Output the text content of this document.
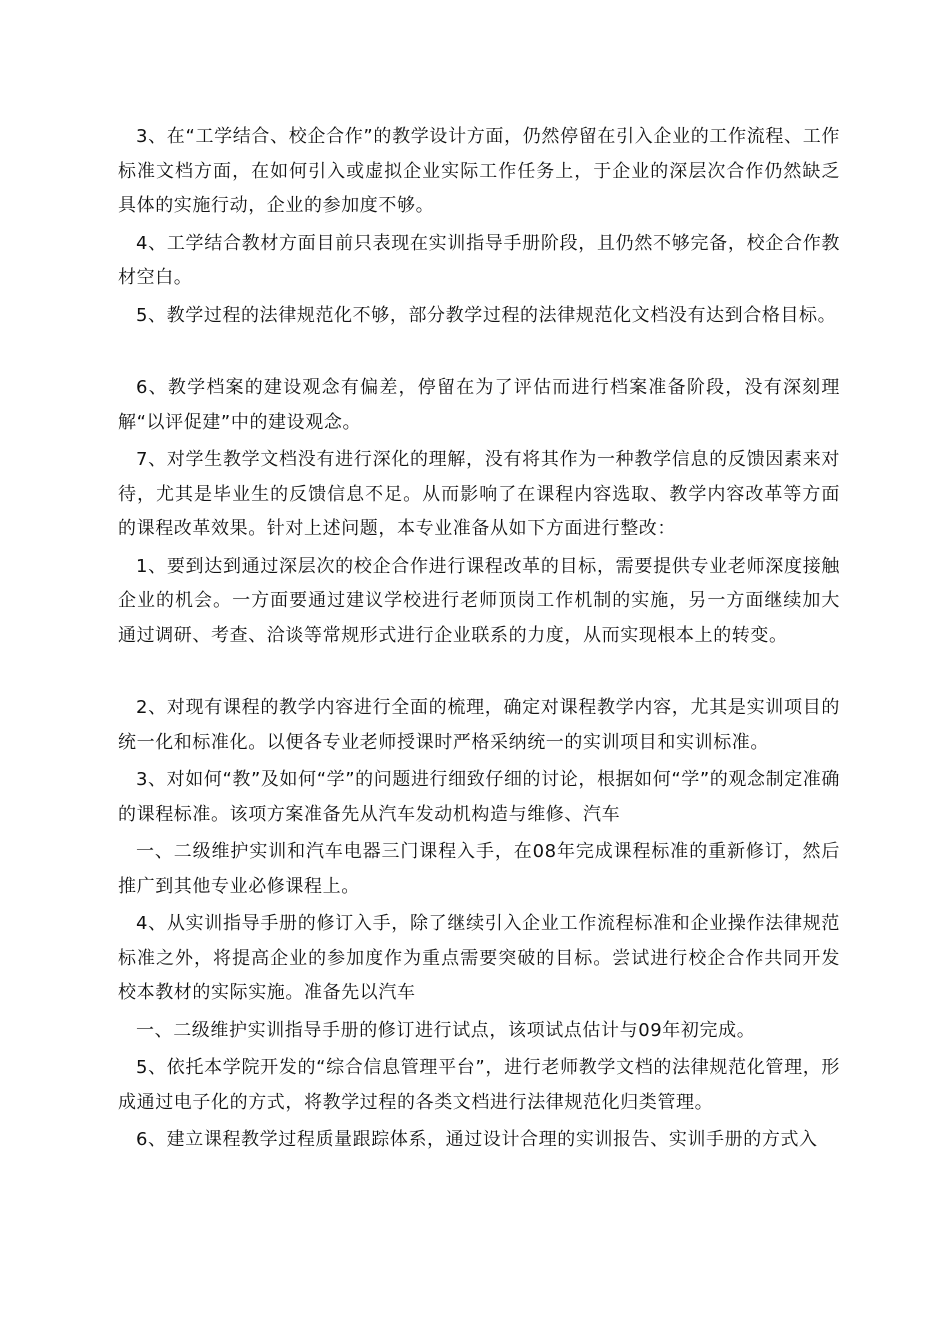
3、在“工学结合、校企合作”的教学设计方面，仍然停留在引入企业的工作流程、工作标准文档方面，在如何引入或虚拟企业实际工作任务上，于企业的深层次合作仍然缺乏具体的实施行动，企业的参加度不够。

4、工学结合教材方面目前只表现在实训指导手册阶段，且仍然不够完备，校企合作教材空白。

5、教学过程的法律规范化不够，部分教学过程的法律规范化文档没有达到合格目标。

6、教学档案的建设观念有偏差，停留在为了评估而进行档案准备阶段，没有深刻理解“以评促建”中的建设观念。

7、对学生教学文档没有进行深化的理解，没有将其作为一种教学信息的反馈因素来对待，尤其是毕业生的反馈信息不足。从而影响了在课程内容选取、教学内容改革等方面的课程改革效果。针对上述问题，本专业准备从如下方面进行整改：

1、要到达到通过深层次的校企合作进行课程改革的目标，需要提供专业老师深度接触企业的机会。一方面要通过建议学校进行老师顶岗工作机制的实施，另一方面继续加大通过调研、考查、洽谈等常规形式进行企业联系的力度，从而实现根本上的转变。

2、对现有课程的教学内容进行全面的梳理，确定对课程教学内容，尤其是实训项目的统一化和标准化。以便各专业老师授课时严格采纳统一的实训项目和实训标准。

3、对如何“教”及如何“学”的问题进行细致仔细的讨论，根据如何“学”的观念制定准确的课程标准。该项方案准备先从汽车发动机构造与维修、汽车

一、二级维护实训和汽车电器三门课程入手，在08年完成课程标准的重新修订，然后推广到其他专业必修课程上。

4、从实训指导手册的修订入手，除了继续引入企业工作流程标准和企业操作法律规范标准之外，将提高企业的参加度作为重点需要突破的目标。尝试进行校企合作共同开发校本教材的实际实施。准备先以汽车

一、二级维护实训指导手册的修订进行试点，该项试点估计与09年初完成。

5、依托本学院开发的“综合信息管理平台”，进行老师教学文档的法律规范化管理，形成通过电子化的方式，将教学过程的各类文档进行法律规范化归类管理。

6、建立课程教学过程质量跟踪体系，通过设计合理的实训报告、实训手册的方式入
